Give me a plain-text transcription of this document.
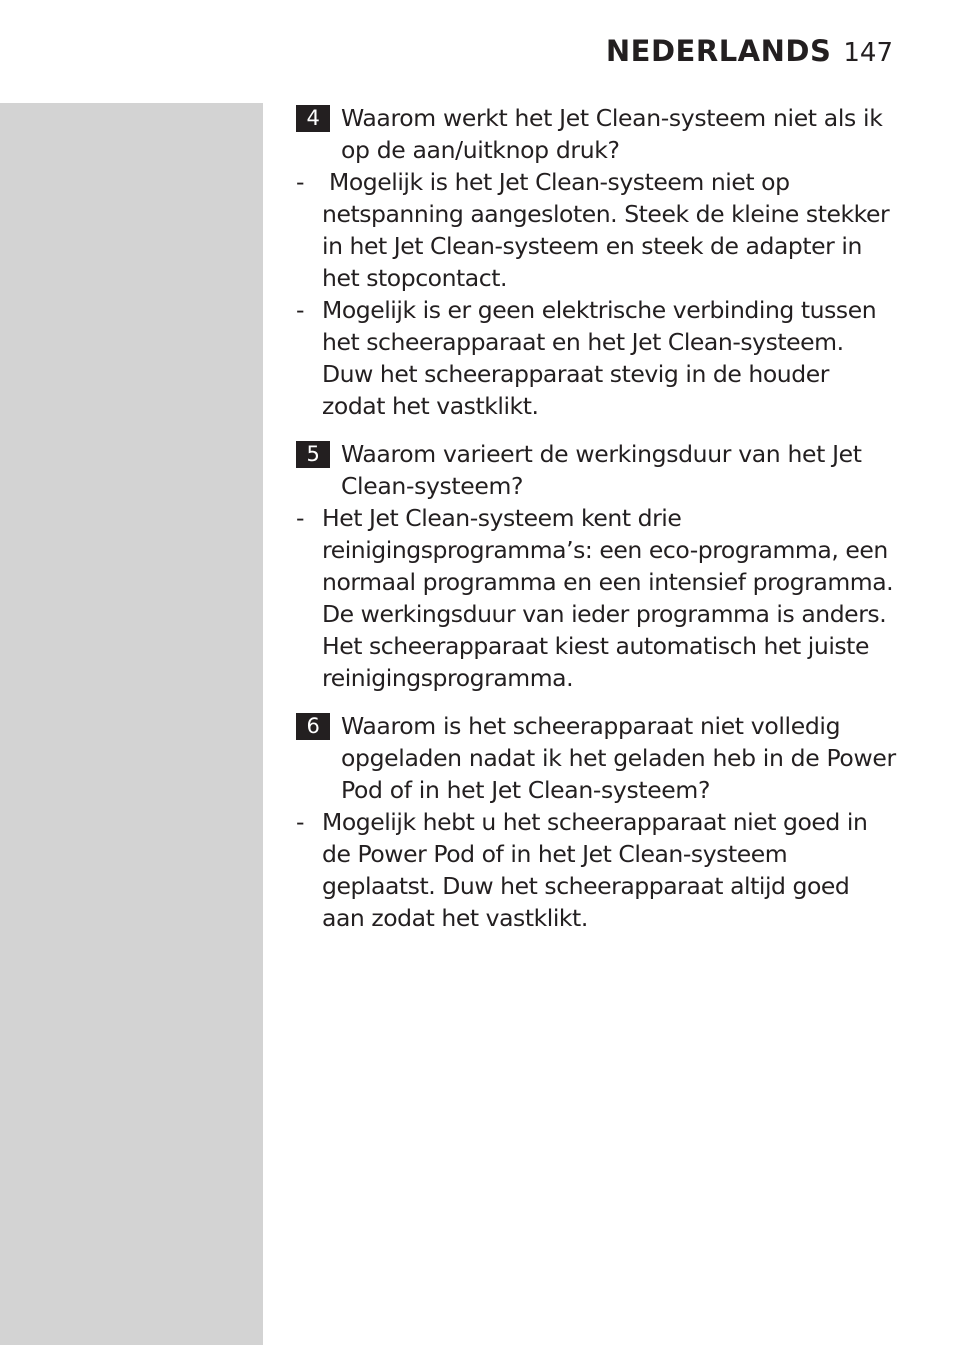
NEDERLANDS 147
4 Waarom werkt het Jet Clean-systeem niet als ik op de aan/uitknop druk?
- Mogelijk is het Jet Clean-systeem niet op netspanning aangesloten. Steek de kleine stekker in het Jet Clean-systeem en steek de adapter in het stopcontact.
- Mogelijk is er geen elektrische verbinding tussen het scheerapparaat en het Jet Clean-systeem. Duw het scheerapparaat stevig in de houder zodat het vastklikt.
5 Waarom varieert de werkingsduur van het Jet Clean-systeem?
- Het Jet Clean-systeem kent drie reinigingsprogramma’s: een eco-programma, een normaal programma en een intensief programma. De werkingsduur van ieder programma is anders. Het scheerapparaat kiest automatisch het juiste reinigingsprogramma.
6 Waarom is het scheerapparaat niet volledig opgeladen nadat ik het geladen heb in de Power Pod of in het Jet Clean-systeem?
- Mogelijk hebt u het scheerapparaat niet goed in de Power Pod of in het Jet Clean-systeem geplaatst. Duw het scheerapparaat altijd goed aan zodat het vastklikt.
